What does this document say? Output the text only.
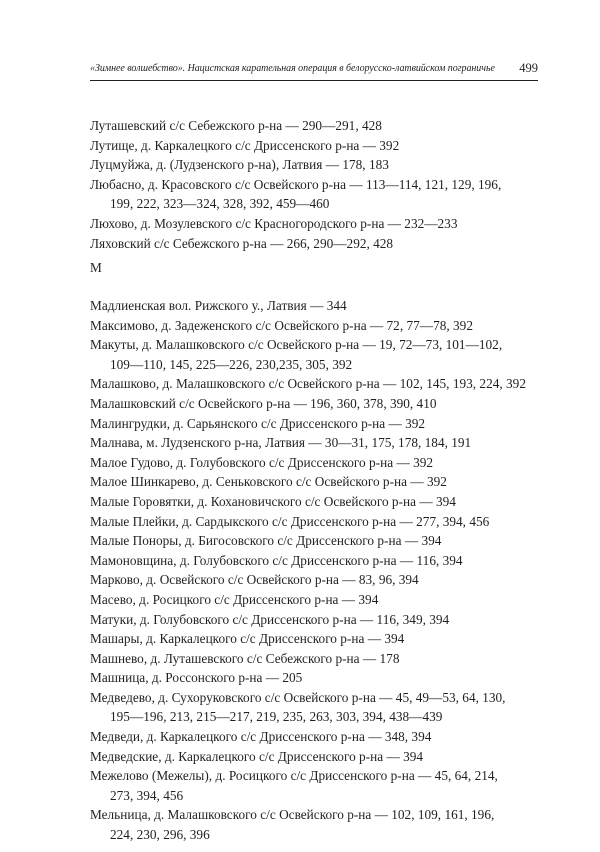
«Зимнее волшебство». Нацистская карательная операция в белорусско-латвийском пограничье 499
Луташевский с/с Себежского р-на — 290—291, 428
Лутище, д. Каркалецкого с/с Дриссенского р-на — 392
Луцмуйжа, д. (Лудзенского р-на), Латвия — 178, 183
Любасно, д. Красовского с/с Освейского р-на — 113—114, 121, 129, 196,
199, 222, 323—324, 328, 392, 459—460
Люхово, д. Мозулевского с/с Красногородского р-на — 232—233
Ляховский с/с Себежского р-на — 266, 290—292, 428
М
Мадлиенская вол. Рижского у., Латвия — 344
Максимово, д. Задеженского с/с Освейского р-на — 72, 77—78, 392
Макуты, д. Малашковского с/с Освейского р-на — 19, 72—73, 101—102,
109—110, 145, 225—226, 230,235, 305, 392
Малашково, д. Малашковского с/с Освейского р-на — 102, 145, 193, 224, 392
Малашковский с/с Освейского р-на — 196, 360, 378, 390, 410
Малингрудки, д. Сарьянского с/с Дриссенского р-на — 392
Малнава, м. Лудзенского р-на, Латвия — 30—31, 175, 178, 184, 191
Малое Гудово, д. Голубовского с/с Дриссенского р-на — 392
Малое Шинкарево, д. Сеньковского с/с Освейского р-на — 392
Малые Горовятки, д. Кохановичского с/с Освейского р-на — 394
Малые Плейки, д. Сардыкского с/с Дриссенского р-на — 277, 394, 456
Малые Поноры, д. Бигосовского с/с Дриссенского р-на — 394
Мамоновщина, д. Голубовского с/с Дриссенского р-на — 116, 394
Марково, д. Освейского с/с Освейского р-на — 83, 96, 394
Масево, д. Росицкого с/с Дриссенского р-на — 394
Матуки, д. Голубовского с/с Дриссенского р-на — 116, 349, 394
Машары, д. Каркалецкого с/с Дриссенского р-на — 394
Машнево, д. Луташевского с/с Себежского р-на — 178
Машница, д. Россонского р-на — 205
Медведево, д. Сухоруковского с/с Освейского р-на — 45, 49—53, 64, 130,
195—196, 213, 215—217, 219, 235, 263, 303, 394, 438—439
Медведи, д. Каркалецкого с/с Дриссенского р-на — 348, 394
Медведские, д. Каркалецкого с/с Дриссенского р-на — 394
Межелово (Межелы), д. Росицкого с/с Дриссенского р-на — 45, 64, 214,
273, 394, 456
Мельница, д. Малашковского с/с Освейского р-на — 102, 109, 161, 196,
224, 230, 296, 396
